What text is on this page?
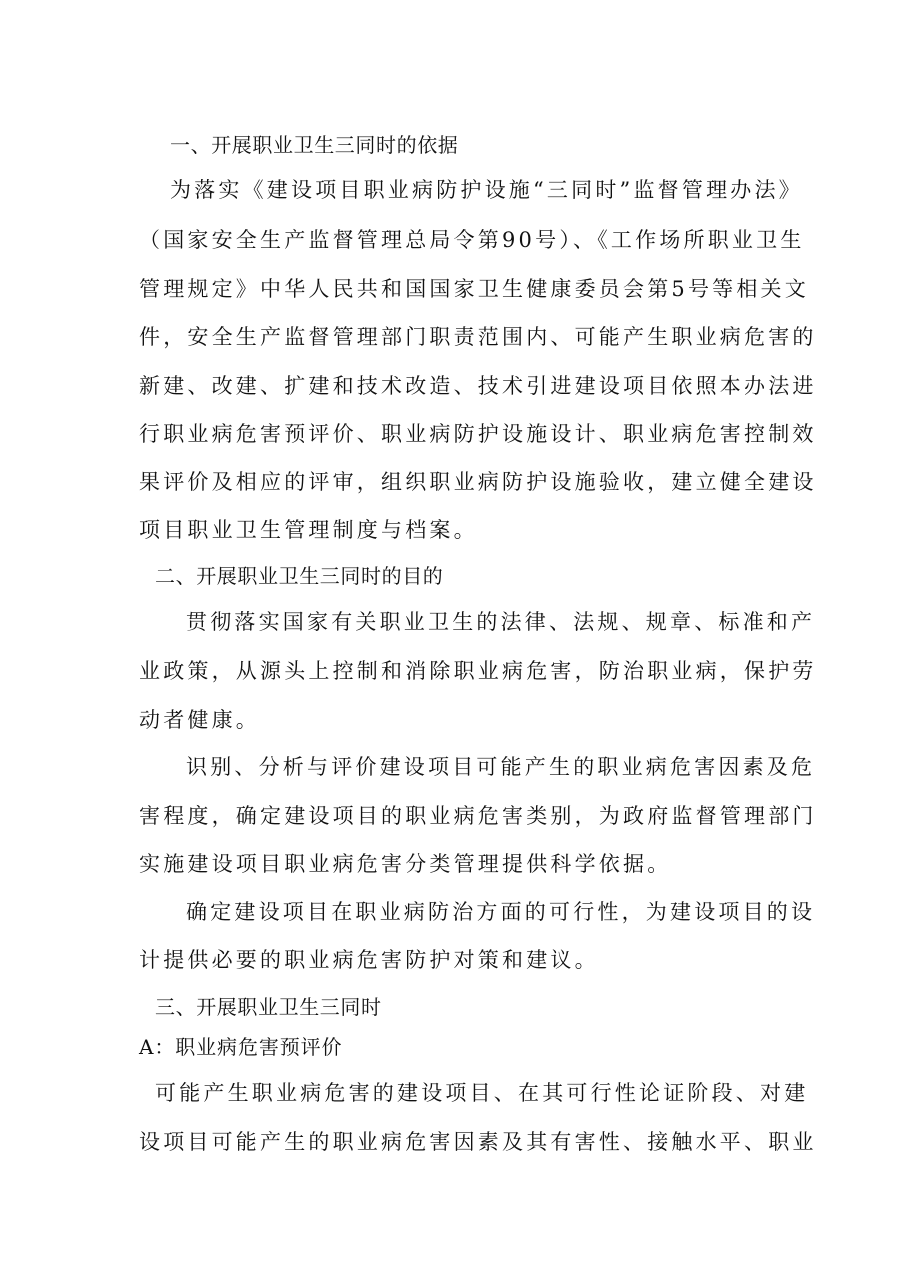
一、开展职业卫生三同时的依据
为落实《建设项目职业病防护设施“三同时”监督管理办法》
（国家安全生产监督管理总局令第90号）、《工作场所职业卫生
管理规定》中华人民共和国国家卫生健康委员会第5号等相关文
件，安全生产监督管理部门职责范围内、可能产生职业病危害的
新建、改建、扩建和技术改造、技术引进建设项目依照本办法进
行职业病危害预评价、职业病防护设施设计、职业病危害控制效
果评价及相应的评审，组织职业病防护设施验收，建立健全建设
项目职业卫生管理制度与档案。
二、开展职业卫生三同时的目的
贯彻落实国家有关职业卫生的法律、法规、规章、标准和产
业政策，从源头上控制和消除职业病危害，防治职业病，保护劳
动者健康。
识别、分析与评价建设项目可能产生的职业病危害因素及危
害程度，确定建设项目的职业病危害类别，为政府监督管理部门
实施建设项目职业病危害分类管理提供科学依据。
确定建设项目在职业病防治方面的可行性，为建设项目的设
计提供必要的职业病危害防护对策和建议。
三、开展职业卫生三同时
A：职业病危害预评价
可能产生职业病危害的建设项目、在其可行性论证阶段、对建
设项目可能产生的职业病危害因素及其有害性、接触水平、职业
